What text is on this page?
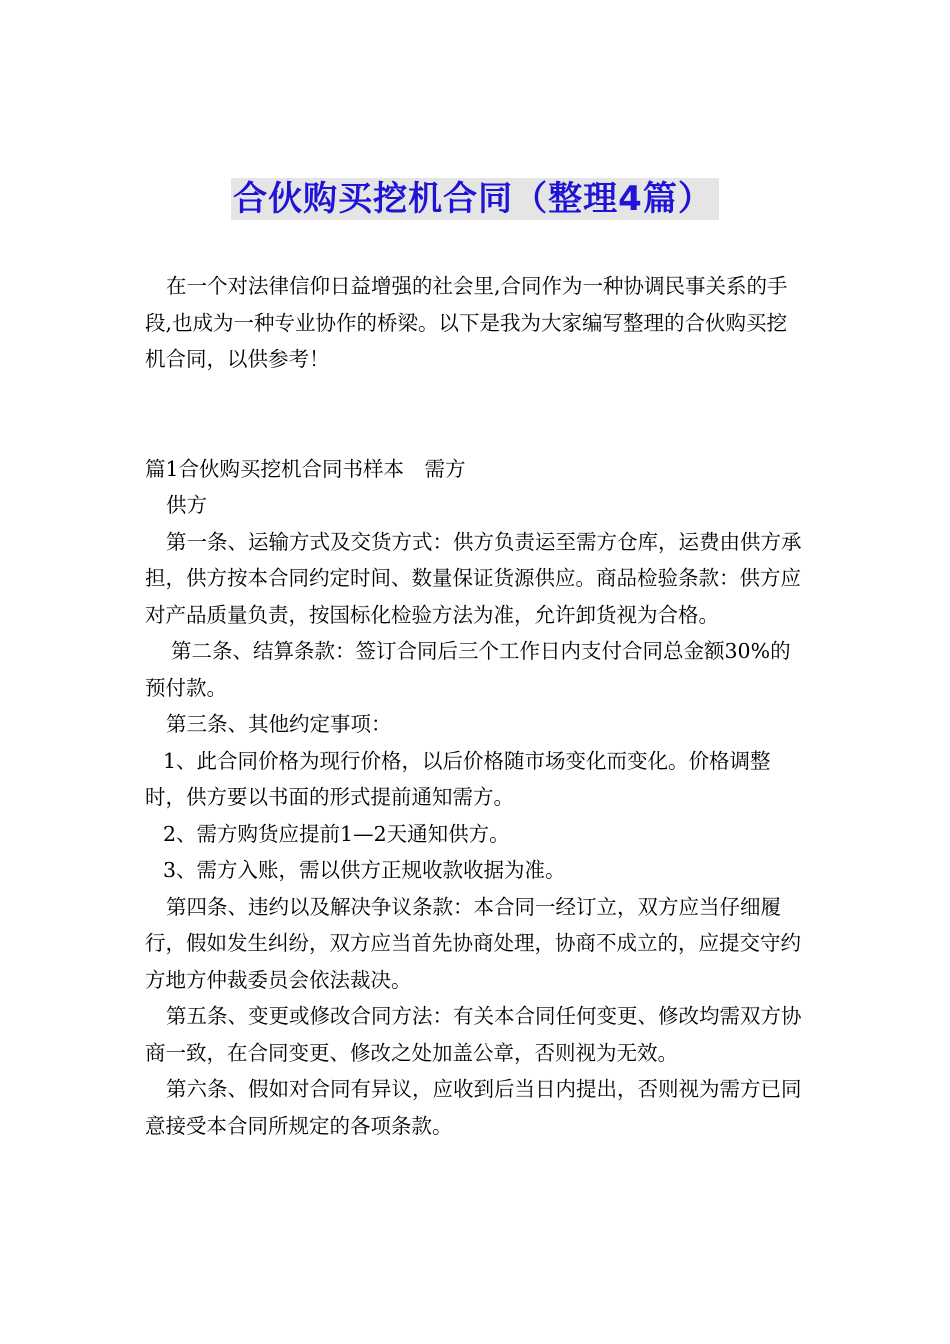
合伙购买挖机合同（整理4篇）

在一个对法律信仰日益增强的社会里,合同作为一种协调民事关系的手段,也成为一种专业协作的桥梁。以下是我为大家编写整理的合伙购买挖机合同，以供参考！

篇1合伙购买挖机合同书样本　需方

供方

第一条、运输方式及交货方式：供方负责运至需方仓库，运费由供方承担，供方按本合同约定时间、数量保证货源供应。商品检验条款：供方应对产品质量负责，按国标化检验方法为准，允许卸货视为合格。

第二条、结算条款：签订合同后三个工作日内支付合同总金额30%的预付款。

第三条、其他约定事项：

1、此合同价格为现行价格，以后价格随市场变化而变化。价格调整时，供方要以书面的形式提前通知需方。

2、需方购货应提前1—2天通知供方。

3、需方入账，需以供方正规收款收据为准。

第四条、违约以及解决争议条款：本合同一经订立，双方应当仔细履行，假如发生纠纷，双方应当首先协商处理，协商不成立的，应提交守约方地方仲裁委员会依法裁决。

第五条、变更或修改合同方法：有关本合同任何变更、修改均需双方协商一致，在合同变更、修改之处加盖公章，否则视为无效。

第六条、假如对合同有异议，应收到后当日内提出，否则视为需方已同意接受本合同所规定的各项条款。
